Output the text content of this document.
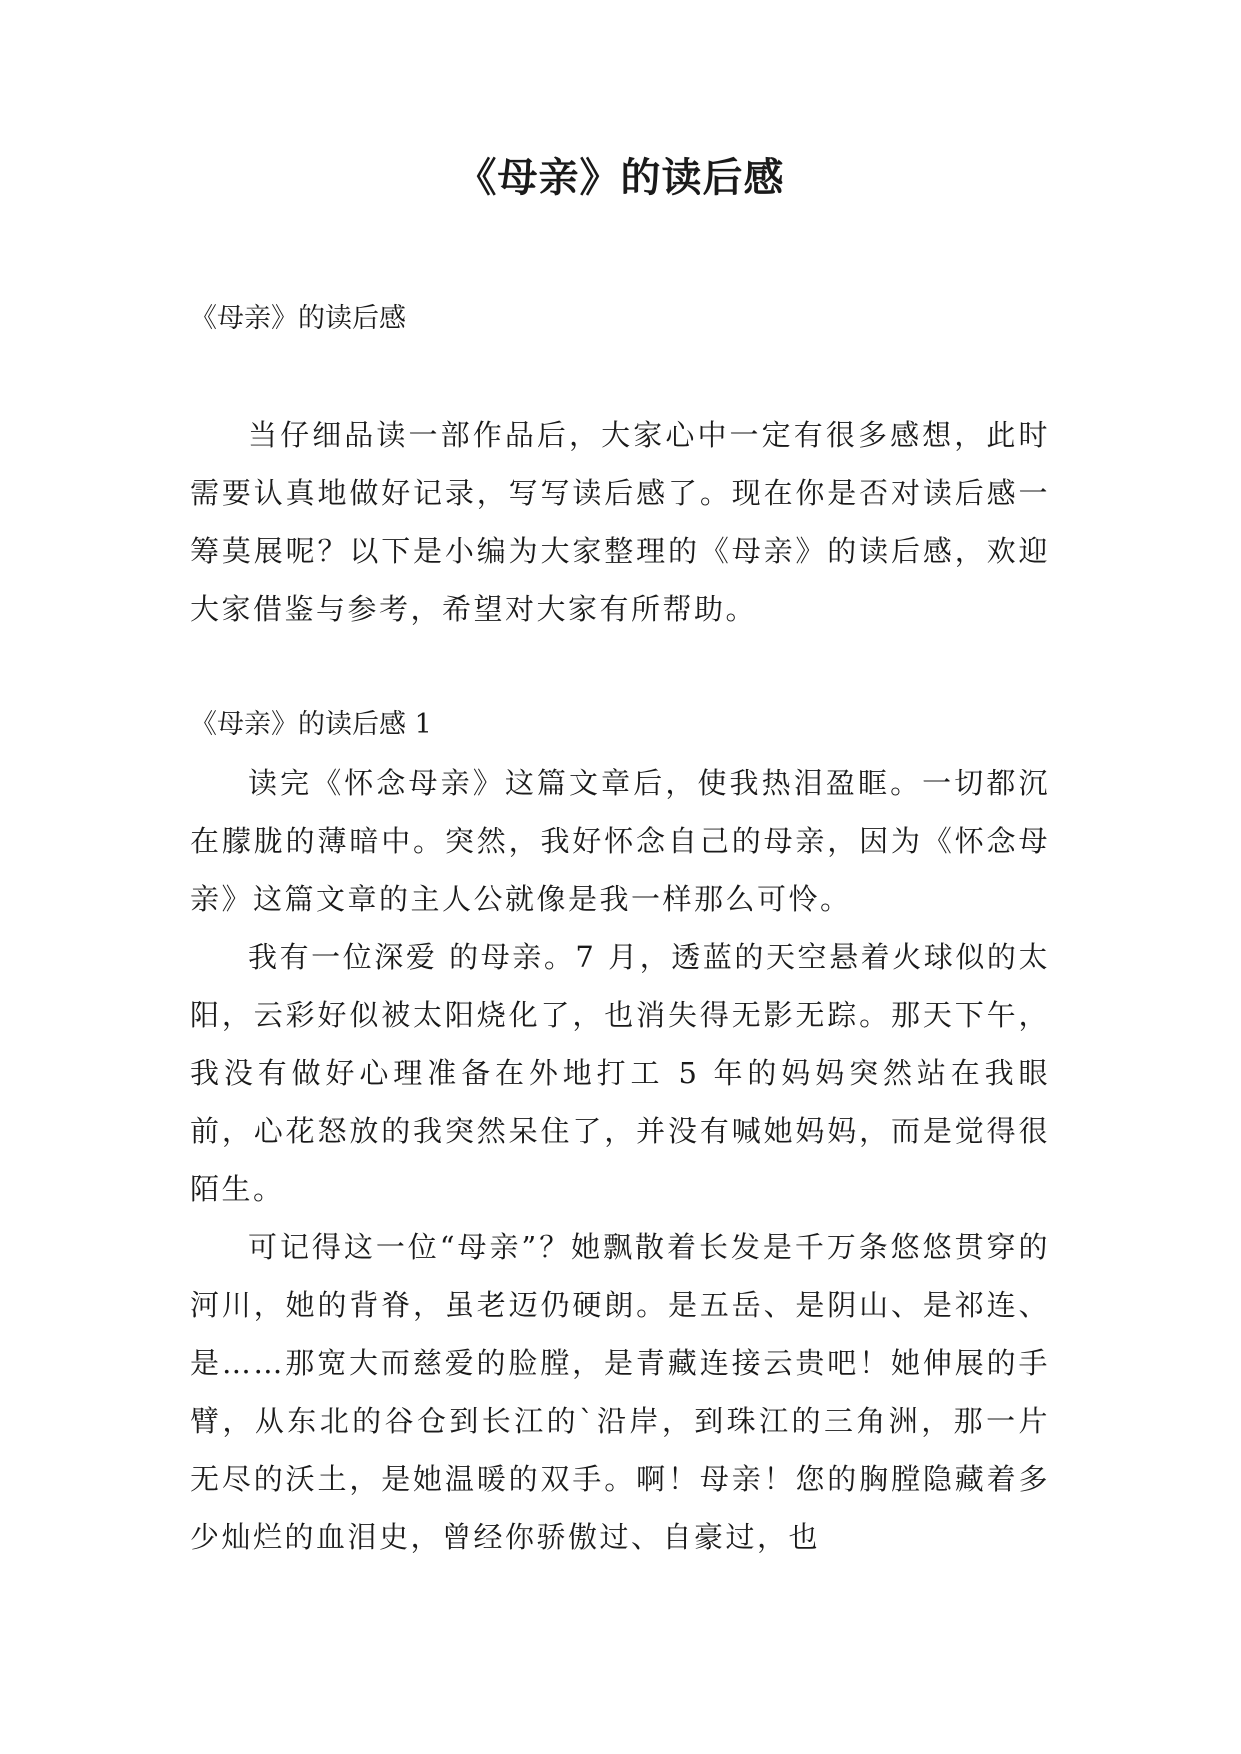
《母亲》的读后感

《母亲》的读后感

当仔细品读一部作品后，大家心中一定有很多感想，此时需要认真地做好记录，写写读后感了。现在你是否对读后感一筹莫展呢？以下是小编为大家整理的《母亲》的读后感，欢迎大家借鉴与参考，希望对大家有所帮助。

《母亲》的读后感 1

读完《怀念母亲》这篇文章后，使我热泪盈眶。一切都沉在朦胧的薄暗中。突然，我好怀念自己的母亲，因为《怀念母亲》这篇文章的主人公就像是我一样那么可怜。

我有一位深爱 的母亲。7 月，透蓝的天空悬着火球似的太阳，云彩好似被太阳烧化了，也消失得无影无踪。那天下午，我没有做好心理准备在外地打工 5 年的妈妈突然站在我眼前，心花怒放的我突然呆住了，并没有喊她妈妈，而是觉得很陌生。

可记得这一位“母亲”？她飘散着长发是千万条悠悠贯穿的河川，她的背脊，虽老迈仍硬朗。是五岳、是阴山、是祁连、是……那宽大而慈爱的脸膛，是青藏连接云贵吧！她伸展的手臂，从东北的谷仓到长江的`沿岸，到珠江的三角洲，那一片无尽的沃土，是她温暖的双手。啊！母亲！您的胸膛隐藏着多少灿烂的血泪史，曾经你骄傲过、自豪过，也
